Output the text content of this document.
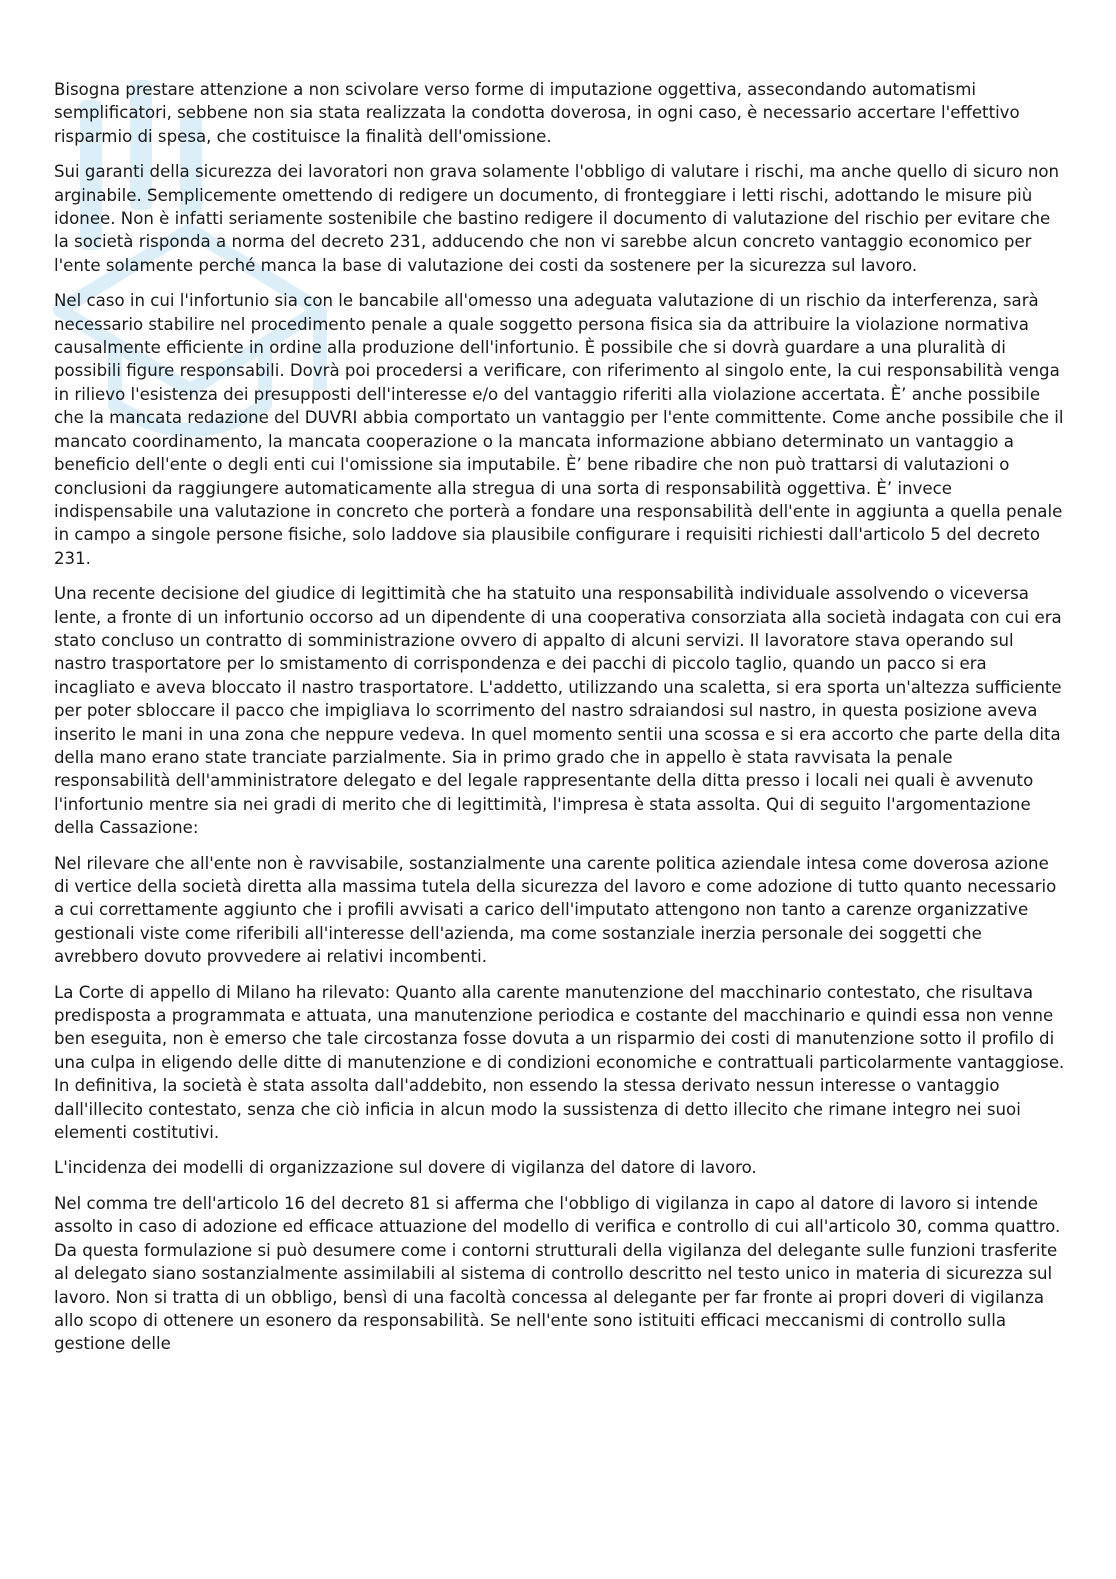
Bisogna prestare attenzione a non scivolare verso forme di imputazione oggettiva, assecondando automatismi semplificatori, sebbene non sia stata realizzata la condotta doverosa, in ogni caso, è necessario accertare l'effettivo risparmio di spesa, che costituisce la finalità dell'omissione.

Sui garanti della sicurezza dei lavoratori non grava solamente l'obbligo di valutare i rischi, ma anche quello di sicuro non arginabile. Semplicemente omettendo di redigere un documento, di fronteggiare i letti rischi, adottando le misure più idonee. Non è infatti seriamente sostenibile che bastino redigere il documento di valutazione del rischio per evitare che la società risponda a norma del decreto 231, adducendo che non vi sarebbe alcun concreto vantaggio economico per l'ente solamente perché manca la base di valutazione dei costi da sostenere per la sicurezza sul lavoro.

Nel caso in cui l'infortunio sia con le bancabile all'omesso una adeguata valutazione di un rischio da interferenza, sarà necessario stabilire nel procedimento penale a quale soggetto persona fisica sia da attribuire la violazione normativa causalmente efficiente in ordine alla produzione dell'infortunio. È possibile che si dovrà guardare a una pluralità di possibili figure responsabili. Dovrà poi procedersi a verificare, con riferimento al singolo ente, la cui responsabilità venga in rilievo l'esistenza dei presupposti dell'interesse e/o del vantaggio riferiti alla violazione accertata. È’ anche possibile che la mancata redazione del DUVRI abbia comportato un vantaggio per l'ente committente. Come anche possibile che il mancato coordinamento, la mancata cooperazione o la mancata informazione abbiano determinato un vantaggio a beneficio dell'ente o degli enti cui l'omissione sia imputabile. È’ bene ribadire che non può trattarsi di valutazioni o conclusioni da raggiungere automaticamente alla stregua di una sorta di responsabilità oggettiva. È’ invece indispensabile una valutazione in concreto che porterà a fondare una responsabilità dell'ente in aggiunta a quella penale in campo a singole persone fisiche, solo laddove sia plausibile configurare i requisiti richiesti dall'articolo 5 del decreto 231.

Una recente decisione del giudice di legittimità che ha statuito una responsabilità individuale assolvendo o viceversa lente, a fronte di un infortunio occorso ad un dipendente di una cooperativa consorziata alla società indagata con cui era stato concluso un contratto di somministrazione ovvero di appalto di alcuni servizi. Il lavoratore stava operando sul nastro trasportatore per lo smistamento di corrispondenza e dei pacchi di piccolo taglio, quando un pacco si era incagliato e aveva bloccato il nastro trasportatore. L'addetto, utilizzando una scaletta, si era sporta un'altezza sufficiente per poter sbloccare il pacco che impigliava lo scorrimento del nastro sdraiandosi sul nastro, in questa posizione aveva inserito le mani in una zona che neppure vedeva. In quel momento sentii una scossa e si era accorto che parte della dita della mano erano state tranciate parzialmente. Sia in primo grado che in appello è stata ravvisata la penale responsabilità dell'amministratore delegato e del legale rappresentante della ditta presso i locali nei quali è avvenuto l'infortunio mentre sia nei gradi di merito che di legittimità, l'impresa è stata assolta. Qui di seguito l'argomentazione della Cassazione:

Nel rilevare che all'ente non è ravvisabile, sostanzialmente una carente politica aziendale intesa come doverosa azione di vertice della società diretta alla massima tutela della sicurezza del lavoro e come adozione di tutto quanto necessario a cui correttamente aggiunto che i profili avvisati a carico dell'imputato attengono non tanto a carenze organizzative gestionali viste come riferibili all'interesse dell'azienda, ma come sostanziale inerzia personale dei soggetti che avrebbero dovuto provvedere ai relativi incombenti.

La Corte di appello di Milano ha rilevato: Quanto alla carente manutenzione del macchinario contestato, che risultava predisposta a programmata e attuata, una manutenzione periodica e costante del macchinario e quindi essa non venne ben eseguita, non è emerso che tale circostanza fosse dovuta a un risparmio dei costi di manutenzione sotto il profilo di una culpa in eligendo delle ditte di manutenzione e di condizioni economiche e contrattuali particolarmente vantaggiose. In definitiva, la società è stata assolta dall'addebito, non essendo la stessa derivato nessun interesse o vantaggio dall'illecito contestato, senza che ciò inficia in alcun modo la sussistenza di detto illecito che rimane integro nei suoi elementi costitutivi.

L'incidenza dei modelli di organizzazione sul dovere di vigilanza del datore di lavoro.

Nel comma tre dell'articolo 16 del decreto 81 si afferma che l'obbligo di vigilanza in capo al datore di lavoro si intende assolto in caso di adozione ed efficace attuazione del modello di verifica e controllo di cui all'articolo 30, comma quattro. Da questa formulazione si può desumere come i contorni strutturali della vigilanza del delegante sulle funzioni trasferite al delegato siano sostanzialmente assimilabili al sistema di controllo descritto nel testo unico in materia di sicurezza sul lavoro. Non si tratta di un obbligo, bensì di una facoltà concessa al delegante per far fronte ai propri doveri di vigilanza allo scopo di ottenere un esonero da responsabilità. Se nell'ente sono istituiti efficaci meccanismi di controllo sulla gestione delle
